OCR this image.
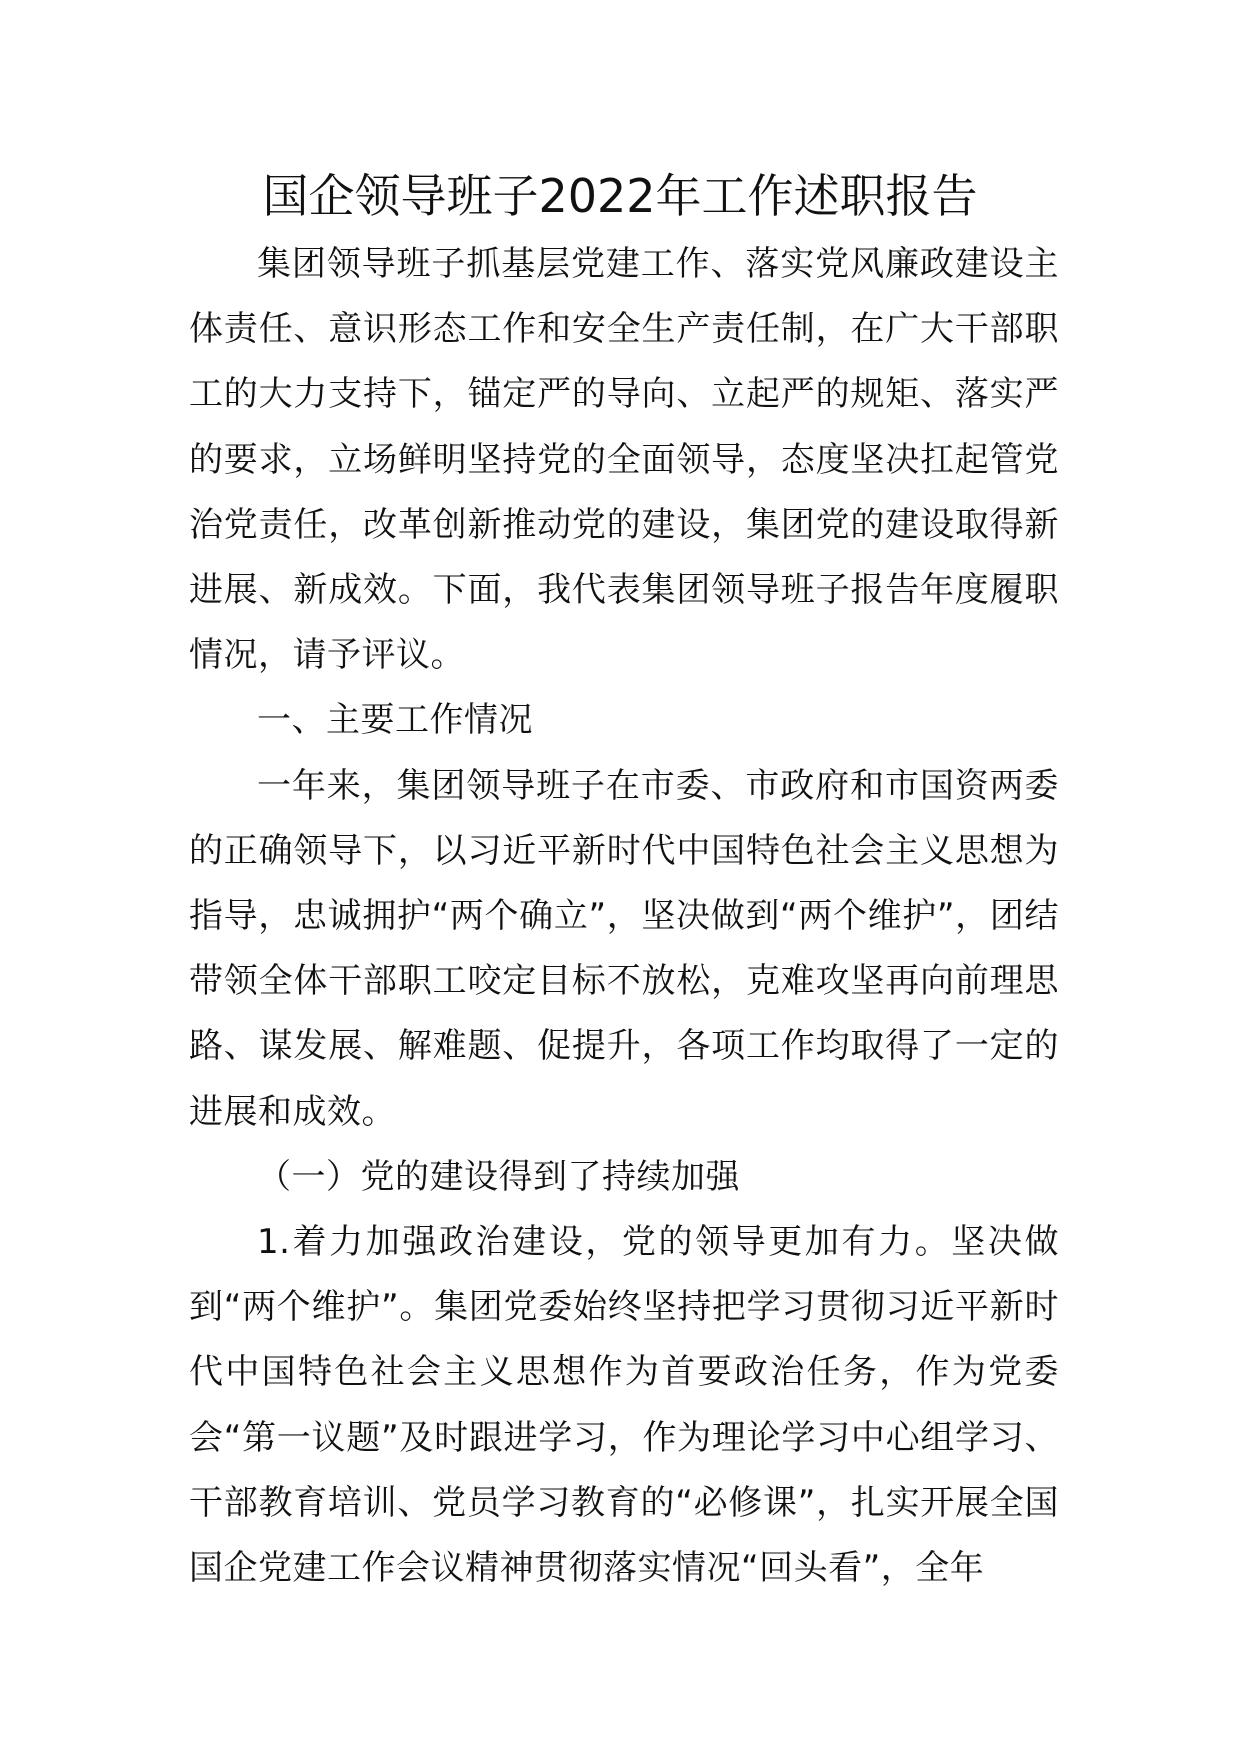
国企领导班子2022年工作述职报告

集团领导班子抓基层党建工作、落实党风廉政建设主体责任、意识形态工作和安全生产责任制，在广大干部职工的大力支持下，锚定严的导向、立起严的规矩、落实严的要求，立场鲜明坚持党的全面领导，态度坚决扛起管党治党责任，改革创新推动党的建设，集团党的建设取得新进展、新成效。下面，我代表集团领导班子报告年度履职情况，请予评议。

一、主要工作情况

一年来，集团领导班子在市委、市政府和市国资两委的正确领导下，以习近平新时代中国特色社会主义思想为指导，忠诚拥护“两个确立”，坚决做到“两个维护”，团结带领全体干部职工咬定目标不放松，克难攻坚再向前理思路、谋发展、解难题、促提升，各项工作均取得了一定的进展和成效。

（一）党的建设得到了持续加强

1.着力加强政治建设，党的领导更加有力。坚决做到“两个维护”。集团党委始终坚持把学习贯彻习近平新时代中国特色社会主义思想作为首要政治任务，作为党委会“第一议题”及时跟进学习，作为理论学习中心组学习、干部教育培训、党员学习教育的“必修课”，扎实开展全国国企党建工作会议精神贯彻落实情况“回头看”，全年
